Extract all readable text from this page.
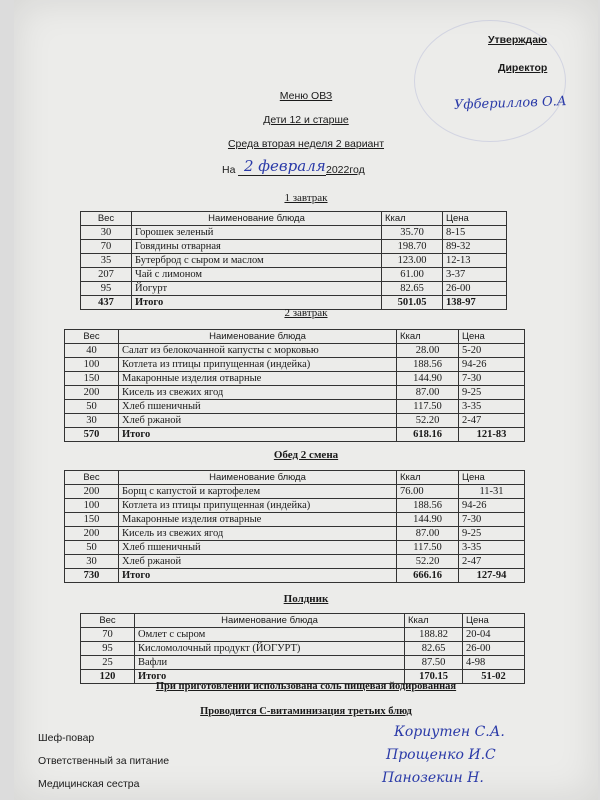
Утверждаю
Директор
Уфбериллов О.А
Меню ОВЗ
Дети 12 и старше
Среда вторая неделя 2 вариант
На 2 февраля 2022год
1 завтрак
Вес	Наименование блюда	Ккал	Цена
30	Горошек зеленый	35.70	8-15
70	Говядины отварная	198.70	89-32
35	Бутерброд с сыром и маслом	123.00	12-13
207	Чай с лимоном	61.00	3-37
95	Йогурт	82.65	26-00
437	Итого	501.05	138-97
2 завтрак
Вес	Наименование блюда	Ккал	Цена
40	Салат из белокочанной капусты с морковью	28.00	5-20
100	Котлета из птицы припущенная (индейка)	188.56	94-26
150	Макаронные изделия отварные	144.90	7-30
200	Кисель из свежих ягод	87.00	9-25
50	Хлеб пшеничный	117.50	3-35
30	Хлеб ржаной	52.20	2-47
570	Итого	618.16	121-83
Обед 2 смена
Вес	Наименование блюда	Ккал	Цена
200	Борщ с капустой и картофелем	76.00	11-31
100	Котлета из птицы припущенная (индейка)	188.56	94-26
150	Макаронные изделия отварные	144.90	7-30
200	Кисель из свежих ягод	87.00	9-25
50	Хлеб пшеничный	117.50	3-35
30	Хлеб ржаной	52.20	2-47
730	Итого	666.16	127-94
Полдник
Вес	Наименование блюда	Ккал	Цена
70	Омлет с сыром	188.82	20-04
95	Кисломолочный продукт (ЙОГУРТ)	82.65	26-00
25	Вафли	87.50	4-98
120	Итого	170.15	51-02
При приготовлении использована соль пищевая йодированная
Проводится С-витаминизация третьих блюд
Шеф-повар	Кориутен С.А.
Ответственный за питание	Прощенко И.С
Медицинская сестра	Панозекин Н.
